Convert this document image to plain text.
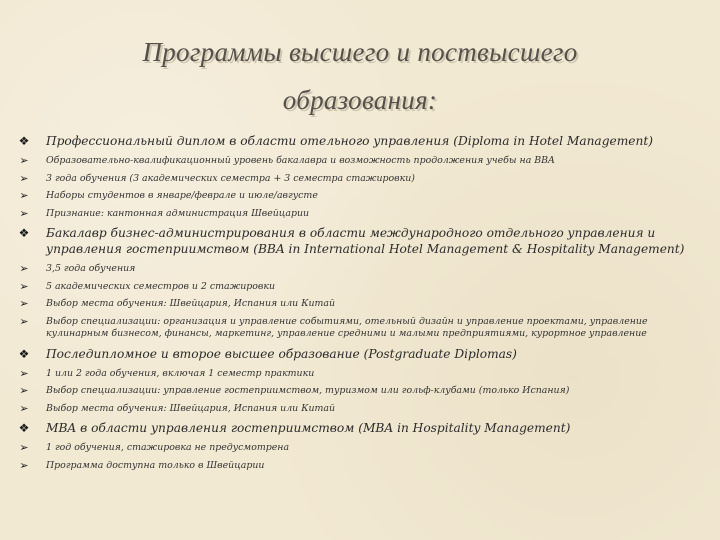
Программы высшего и поствысшего
образования:
❖ Профессиональный диплом в области отельного управления (Diploma in Hotel Management)
➢	Образовательно-квалификационный уровень бакалавра и возможность продолжения учебы на BBA
➢	3 года обучения (3 академических семестра + 3 семестра стажировки)
➢	Наборы студентов в январе/феврале и июле/августе
➢	Признание: кантонная администрация Швейцарии
❖ Бакалавр бизнес-администрирования в области международного отдельного управления и управления гостеприимством (BBA in International Hotel Management & Hospitality Management)
➢	3,5 года обучения
➢	5 академических семестров и 2 стажировки
➢	Выбор места обучения: Швейцария, Испания или Китай
➢	Выбор специализации: организация и управление событиями, отельный дизайн и управление проектами, управление кулинарным бизнесом, финансы, маркетинг, управление средними и малыми предприятиями, курортное управление
❖ Последипломное и второе высшее образование (Postgraduate Diplomas)
➢	1 или 2 года обучения, включая 1 семестр практики
➢	Выбор специализации: управление гостеприимством, туризмом или гольф-клубами (только Испания)
➢	Выбор места обучения: Швейцария, Испания или Китай
❖ MBA в области управления гостеприимством (MBA in Hospitality Management)
➢	1 год обучения, стажировка не предусмотрена
➢	Программа доступна только в Швейцарии
